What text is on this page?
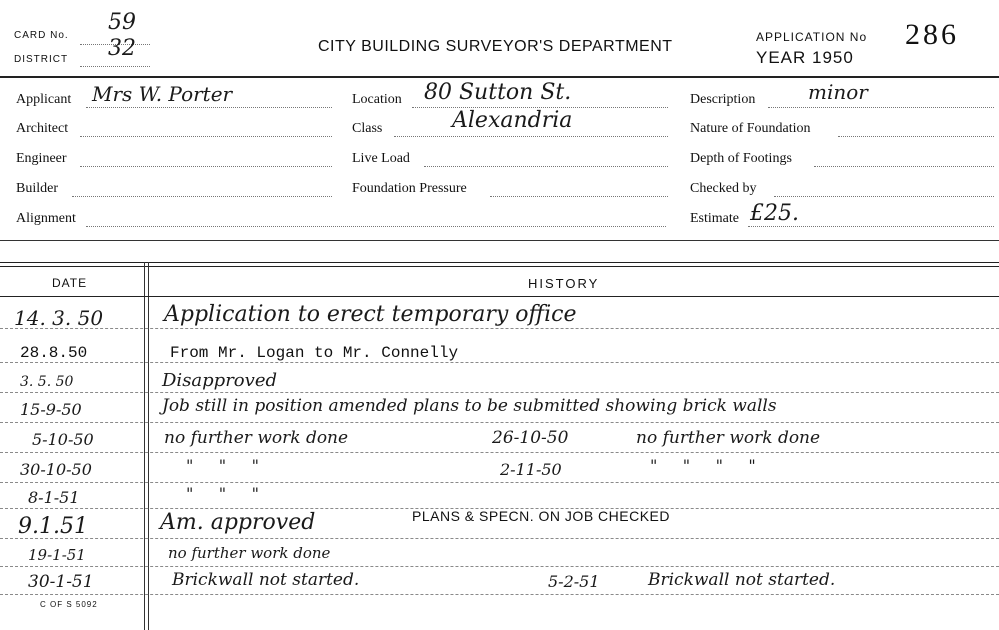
CARD No.
59
DISTRICT 32	CITY BUILDING SURVEYOR'S DEPARTMENT
APPLICATION No 286
YEAR 1950
Applicant Mrs W. Porter
Architect
Engineer
Builder
Alignment
Location 80 Sutton St.
Class	Alexandria
Live Load
Foundation Pressure
Description	minor
Nature of Foundation
Depth of Footings
Checked by
Estimate £25.
DATE	HISTORY
14. 3. 50	Application to erect temporary office
28.8.50	From Mr. Logan to Mr. Connelly
3. 5. 50	Disapproved
15-9-50	Job still in position amended plans to be submitted showing brick walls
5-10-50	no further work done	26-10-50	no further work done
30-10-50	"     "     "	2-11-50	"     "     "     "
8-1-51	"     "     "
9.1.51	Am. approved	PLANS & SPECN. ON JOB CHECKED
19-1-51	no further work done
30-1-51	Brickwall not started.	5-2-51	Brickwall not started.
C OF S 5092
